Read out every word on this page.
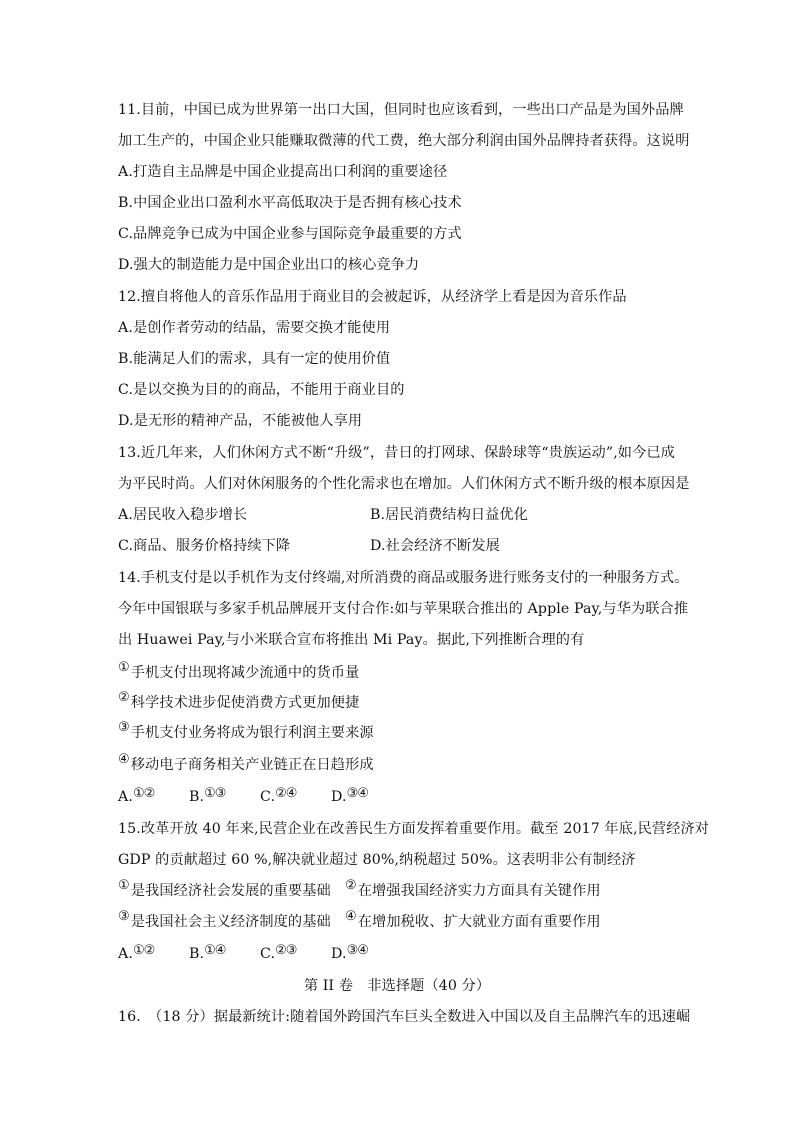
11.目前，中国已成为世界第一出口大国，但同时也应该看到，一些出口产品是为国外品牌
加工生产的，中国企业只能赚取微薄的代工费，绝大部分利润由国外品牌持者获得。这说明
A.打造自主品牌是中国企业提高出口利润的重要途径
B.中国企业出口盈利水平高低取决于是否拥有核心技术
C.品牌竞争已成为中国企业参与国际竞争最重要的方式
D.强大的制造能力是中国企业出口的核心竞争力
12.擅自将他人的音乐作品用于商业目的会被起诉，从经济学上看是因为音乐作品
A.是创作者劳动的结晶，需要交换才能使用
B.能满足人们的需求，具有一定的使用价值
C.是以交换为目的的商品，不能用于商业目的
D.是无形的精神产品，不能被他人享用
13.近几年来，人们休闲方式不断“升级”，昔日的打网球、保龄球等“贵族运动”,如今已成
为平民时尚。人们对休闲服务的个性化需求也在增加。人们休闲方式不断升级的根本原因是
A.居民收入稳步增长	B.居民消费结构日益优化
C.商品、服务价格持续下降	D.社会经济不断发展
14.手机支付是以手机作为支付终端,对所消费的商品或服务进行账务支付的一种服务方式。
今年中国银联与多家手机品牌展开支付合作:如与苹果联合推出的 Apple Pay,与华为联合推
出 Huawei Pay,与小米联合宣布将推出 Mi Pay。据此,下列推断合理的有
①手机支付出现将减少流通中的货币量
②科学技术进步促使消费方式更加便捷
③手机支付业务将成为银行利润主要来源
④移动电子商务相关产业链正在日趋形成
A.①② B.①③ C.②④ D.③④
15.改革开放 40 年来,民营企业在改善民生方面发挥着重要作用。截至 2017 年底,民营经济对
GDP 的贡献超过 60 %,解决就业超过 80%,纳税超过 50%。这表明非公有制经济
①是我国经济社会发展的重要基础 ②在增强我国经济实力方面具有关键作用
③是我国社会主义经济制度的基础 ④在增加税收、扩大就业方面有重要作用
A.①② B.①④ C.②③ D.③④
第 II 卷　非选择题（40 分）
16.　（18 分）据最新统计:随着国外跨国汽车巨头全数进入中国以及自主品牌汽车的迅速崛
